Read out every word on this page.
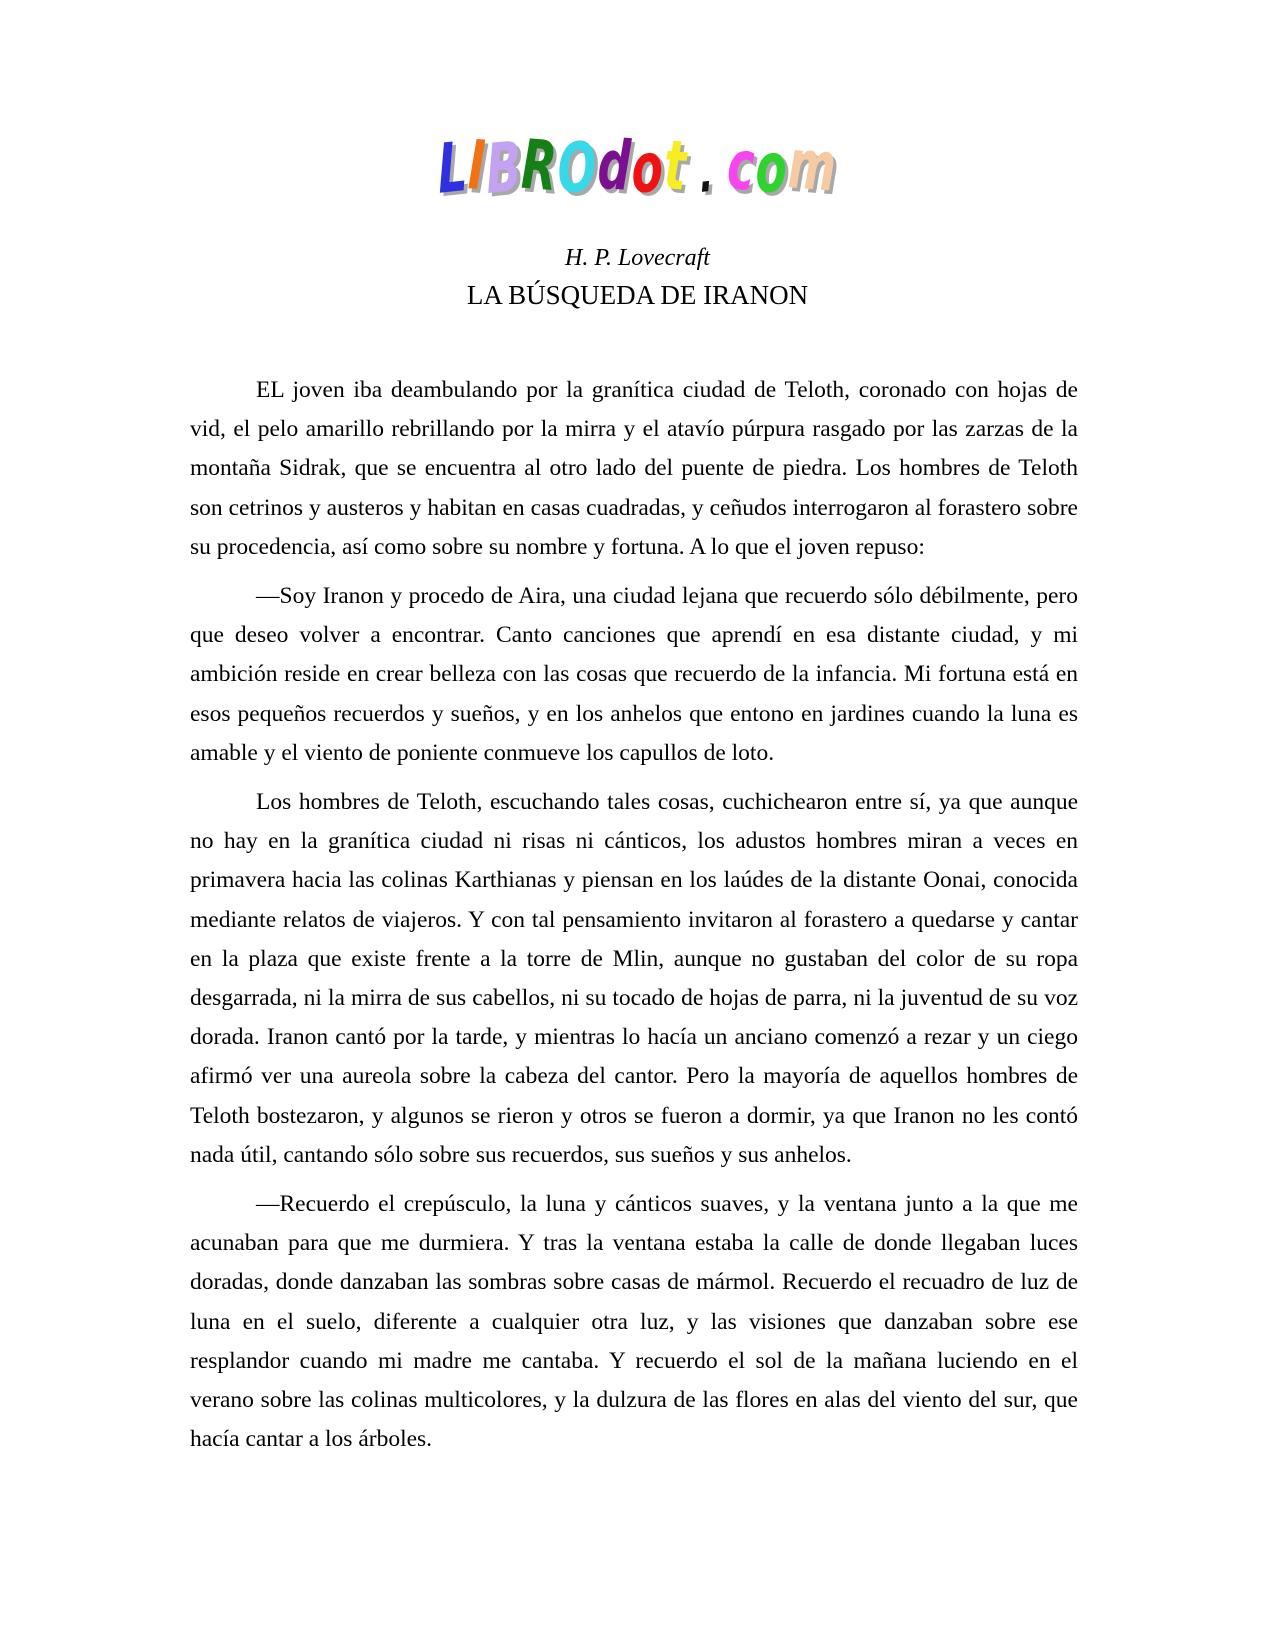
LIBROdot . com
H. P. Lovecraft
LA BÚSQUEDA DE IRANON

EL joven iba deambulando por la granítica ciudad de Teloth, coronado con hojas de vid, el pelo amarillo rebrillando por la mirra y el atavío púrpura rasgado por las zarzas de la montaña Sidrak, que se encuentra al otro lado del puente de piedra. Los hombres de Teloth son cetrinos y austeros y habitan en casas cuadradas, y ceñudos interrogaron al forastero sobre su procedencia, así como sobre su nombre y fortuna. A lo que el joven repuso:

—Soy Iranon y procedo de Aira, una ciudad lejana que recuerdo sólo débilmente, pero que deseo volver a encontrar. Canto canciones que aprendí en esa distante ciudad, y mi ambición reside en crear belleza con las cosas que recuerdo de la infancia. Mi fortuna está en esos pequeños recuerdos y sueños, y en los anhelos que entono en jardines cuando la luna es amable y el viento de poniente conmueve los capullos de loto.

Los hombres de Teloth, escuchando tales cosas, cuchichearon entre sí, ya que aunque no hay en la granítica ciudad ni risas ni cánticos, los adustos hombres miran a veces en primavera hacia las colinas Karthianas y piensan en los laúdes de la distante Oonai, conocida mediante relatos de viajeros. Y con tal pensamiento invitaron al forastero a quedarse y cantar en la plaza que existe frente a la torre de Mlin, aunque no gustaban del color de su ropa desgarrada, ni la mirra de sus cabellos, ni su tocado de hojas de parra, ni la juventud de su voz dorada. Iranon cantó por la tarde, y mientras lo hacía un anciano comenzó a rezar y un ciego afirmó ver una aureola sobre la cabeza del cantor. Pero la mayoría de aquellos hombres de Teloth bostezaron, y algunos se rieron y otros se fueron a dormir, ya que Iranon no les contó nada útil, cantando sólo sobre sus recuerdos, sus sueños y sus anhelos.

—Recuerdo el crepúsculo, la luna y cánticos suaves, y la ventana junto a la que me acunaban para que me durmiera. Y tras la ventana estaba la calle de donde llegaban luces doradas, donde danzaban las sombras sobre casas de mármol. Recuerdo el recuadro de luz de luna en el suelo, diferente a cualquier otra luz, y las visiones que danzaban sobre ese resplandor cuando mi madre me cantaba. Y recuerdo el sol de la mañana luciendo en el verano sobre las colinas multicolores, y la dulzura de las flores en alas del viento del sur, que hacía cantar a los árboles.
